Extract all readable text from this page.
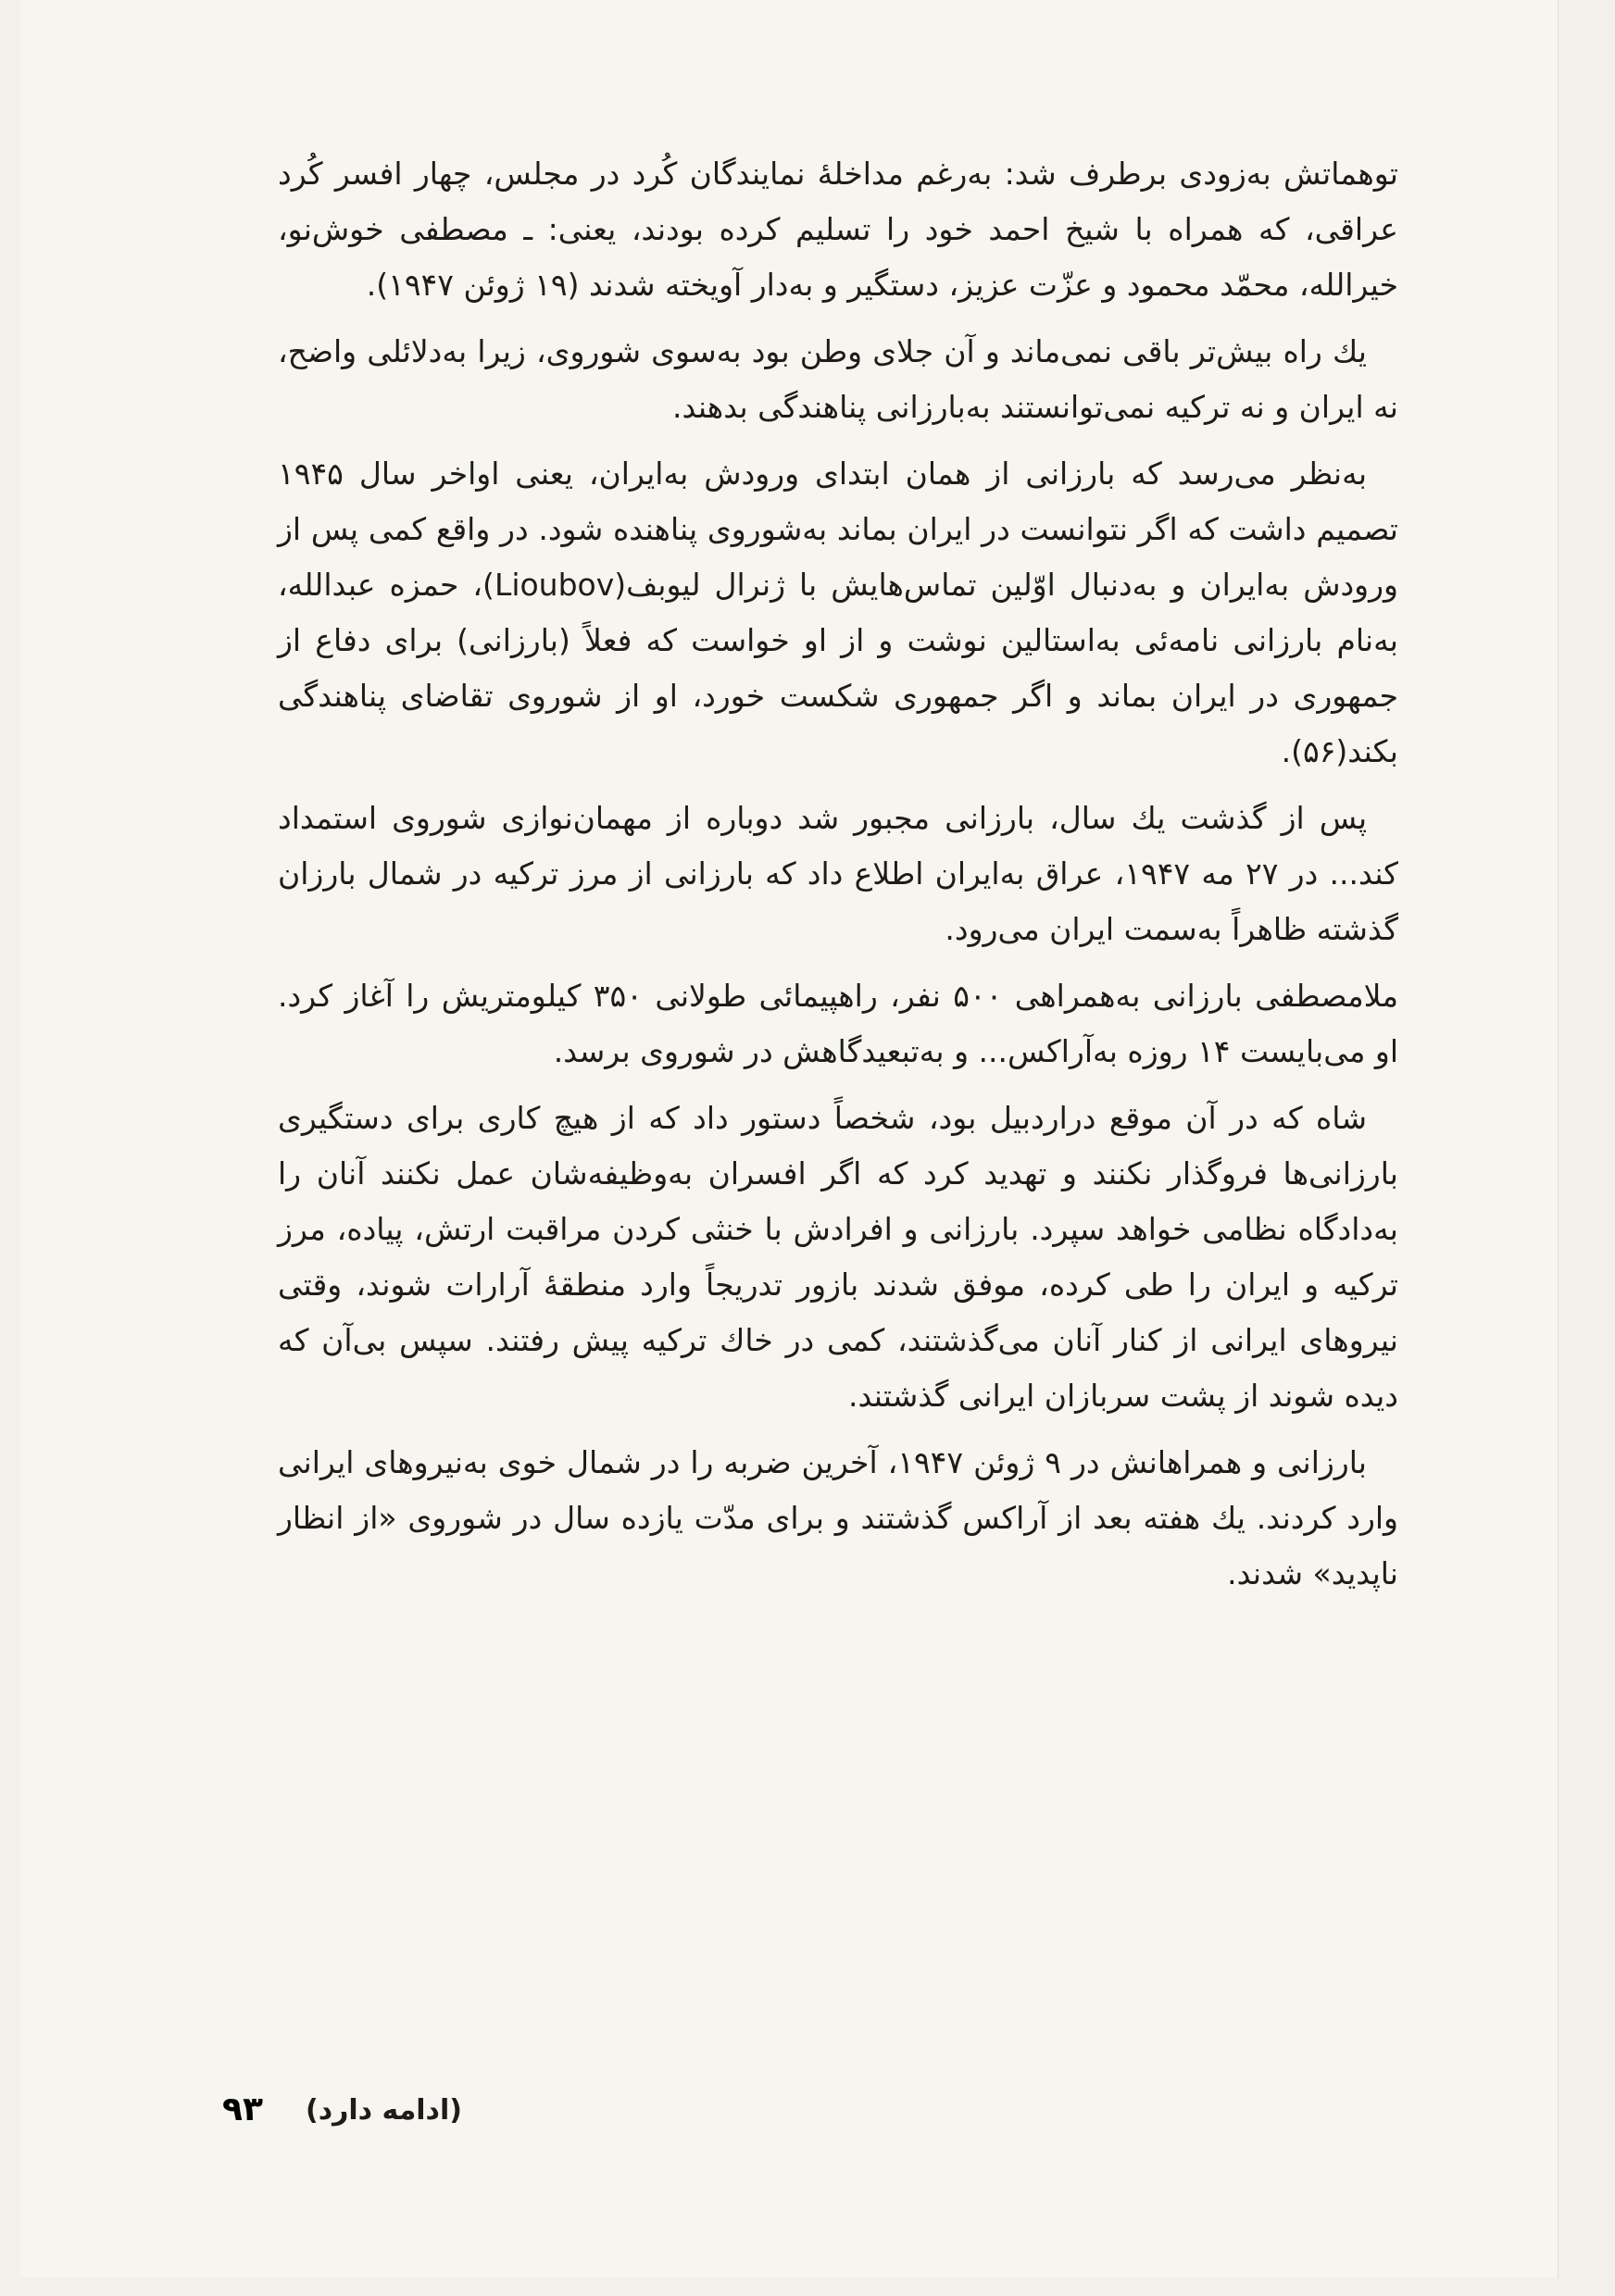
توهماتش به‌زودی برطرف شد: به‌رغم مداخلهٔ نمایندگان کُرد در مجلس، چهار افسر کُرد عراقی، که همراه با شیخ احمد خود را تسلیم کرده بودند، یعنی: ـ مصطفی خوش‌نو، خیرالله، محمّد محمود و عزّت عزیز، دستگیر و به‌دار آویخته شدند (۱۹ ژوئن ۱۹۴۷).

یك راه بیش‌تر باقی نمی‌ماند و آن جلای وطن بود به‌سوی شوروی، زیرا به‌دلائلی واضح، نه ایران و نه ترکیه نمی‌توانستند به‌بارزانی پناهندگی بدهند.

به‌نظر می‌رسد که بارزانی از همان ابتدای ورودش به‌ایران، یعنی اواخر سال ۱۹۴۵ تصمیم داشت که اگر نتوانست در ایران بماند به‌شوروی پناهنده شود. در واقع کمی پس از ورودش به‌ایران و به‌دنبال اوّلین تماس‌هایش با ژنرال لیوبف(Lioubov)، حمزه عبدالله، به‌نام بارزانی نامه‌ئی به‌استالین نوشت و از او خواست که فعلاً (بارزانی) برای دفاع از جمهوری در ایران بماند و اگر جمهوری شکست خورد، او از شوروی تقاضای پناهندگی بکند(۵۶).

پس از گذشت یك سال، بارزانی مجبور شد دوباره از مهمان‌نوازی شوروی استمداد کند... در ۲۷ مه ۱۹۴۷، عراق به‌ایران اطلاع داد که بارزانی از مرز ترکیه در شمال بارزان گذشته ظاهراً به‌سمت ایران می‌رود.

ملامصطفی بارزانی به‌همراهی ۵۰۰ نفر، راهپیمائی طولانی ۳۵۰ کیلومتریش را آغاز کرد. او می‌بایست ۱۴ روزه به‌آراکس... و به‌تبعیدگاهش در شوروی برسد.

شاه که در آن موقع دراردبیل بود، شخصاً دستور داد که از هیچ کاری برای دستگیری بارزانی‌ها فروگذار نکنند و تهدید کرد که اگر افسران به‌وظیفه‌شان عمل نکنند آنان را به‌دادگاه نظامی خواهد سپرد. بارزانی و افرادش با خنثی کردن مراقبت ارتش، پیاده، مرز ترکیه و ایران را طی کرده، موفق شدند بازور تدریجاً وارد منطقهٔ آرارات شوند، وقتی نیروهای ایرانی از کنار آنان می‌گذشتند، کمی در خاك ترکیه پیش رفتند. سپس بی‌آن که دیده شوند از پشت سربازان ایرانی گذشتند.

بارزانی و همراهانش در ۹ ژوئن ۱۹۴۷، آخرین ضربه را در شمال خوی به‌نیروهای ایرانی وارد کردند. یك هفته بعد از آراکس گذشتند و برای مدّت یازده سال در شوروی «از انظار ناپدید» شدند.

(ادامه دارد)
۹۳
